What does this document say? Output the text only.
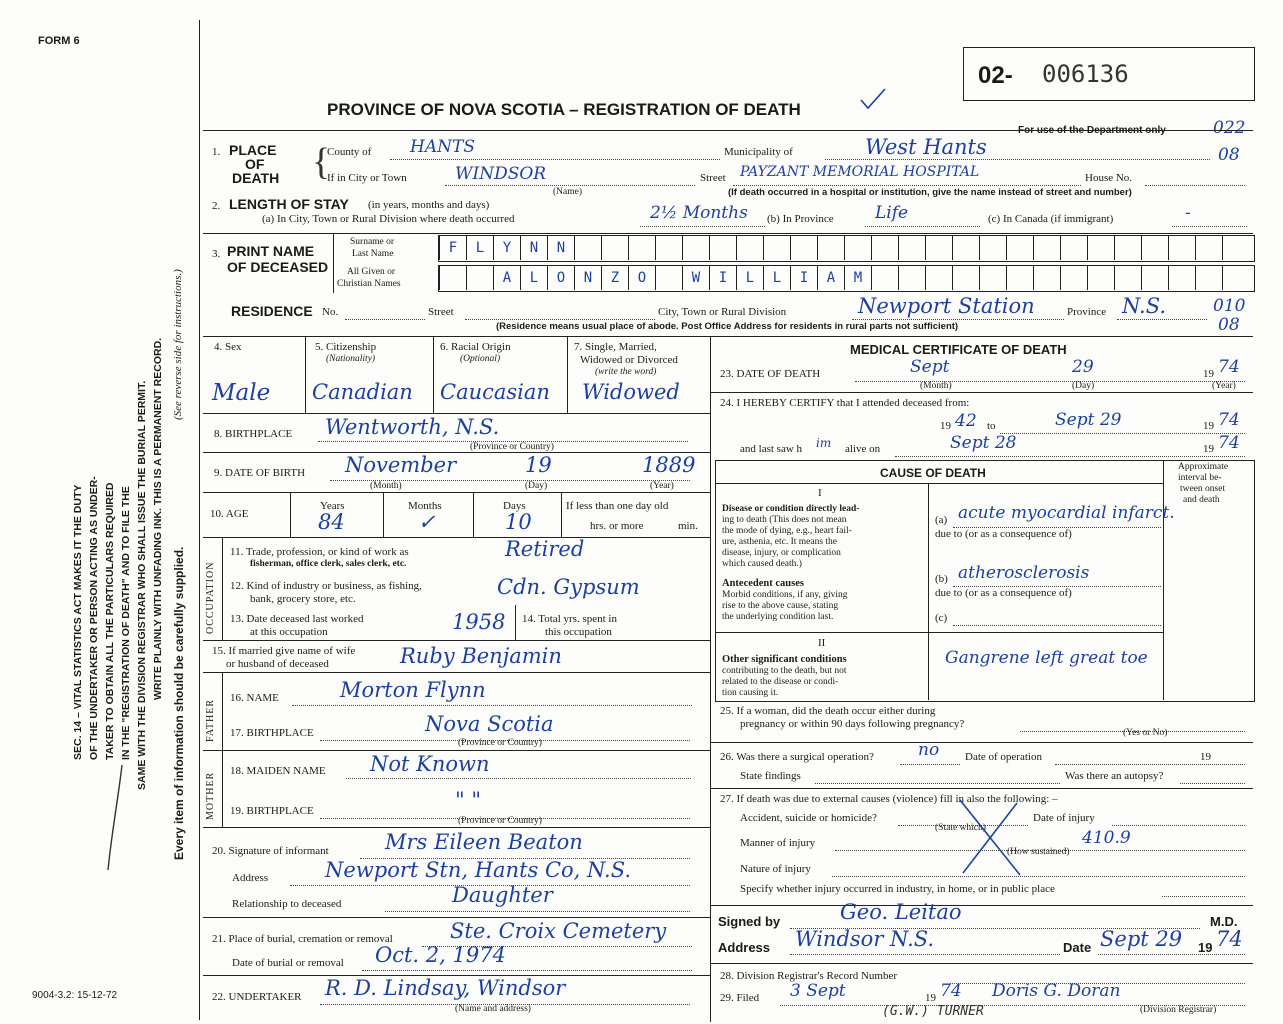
FORM 6
02- 006136
PROVINCE OF NOVA SCOTIA – REGISTRATION OF DEATH
For use of the Department only	022
08
010
08
9004-3.2: 15-12-72
SEC. 14 – VITAL STATISTICS ACT MAKES IT THE DUTY OF THE UNDERTAKER OR PERSON ACTING AS UNDER- TAKER TO OBTAIN ALL THE PARTICULARS REQUIRED IN THE "REGISTRATION OF DEATH" AND TO FILE THE SAME WITH THE DIVISION REGISTRAR WHO SHALL ISSUE THE BURIAL PERMIT. WRITE PLAINLY WITH UNFADING INK. THIS IS A PERMANENT RECORD. (See reverse side for instructions.)
Every item of information should be carefully supplied.
1. PLACE
OF
DEATH {
County of HANTS	Municipality of	West Hants
If in City or Town	WINDSOR	Street PAYZANT MEMORIAL HOSPITAL	House No.
(Name)	(If death occurred in a hospital or institution, give the name instead of street and number)
2. LENGTH OF STAY (in years, months and days)
(a) In City, Town or Rural Division where death occurred	2½ Months (b) In Province Life	(c) In Canada (if immigrant)	-
3. PRINT NAME
OF DECEASED
Surname or
Last Name
All Given or
Christian Names
F	L	Y	N	N
A	L	O	N	Z	O	W	I	L	L	I	A	M
RESIDENCE No.	Street	City, Town or Rural Division	Newport Station	Province N.S.
(Residence means usual place of abode. Post Office Address for residents in rural parts not sufficient)
4. Sex
Male
5. Citizenship
(Nationality)
Canadian
6. Racial Origin
(Optional)
Caucasian
7. Single, Married,
Widowed or Divorced
(write the word)
Widowed
8. BIRTHPLACE Wentworth, N.S.
(Province or Country)
9. DATE OF BIRTH November	19	1889
(Month)	(Day)	(Year)
10. AGE
Years
84
Months
✓
Days
10
If less than one day old
hrs. or more	min.
OCCUPATION
11. Trade, profession, or kind of work as
fisherman, office clerk, sales clerk, etc.
Retired
12. Kind of industry or business, as fishing,
bank, grocery store, etc.	Cdn. Gypsum
13. Date deceased last worked
at this occupation	1958 14. Total yrs. spent in
this occupation
15. If married give name of wife
or husband of deceased	Ruby Benjamin
FATHER
MOTHER
16. NAME	Morton Flynn
17. BIRTHPLACE	Nova Scotia
(Province or Country)
18. MAIDEN NAME Not Known
19. BIRTHPLACE	" "
(Province or Country)
20. Signature of informant	Mrs Eileen Beaton
Address	Newport Stn, Hants Co, N.S.
Relationship to deceased	Daughter
21. Place of burial, cremation or removal	Ste. Croix Cemetery
Date of burial or removal Oct. 2, 1974
22. UNDERTAKER R. D. Lindsay, Windsor
(Name and address)
MEDICAL CERTIFICATE OF DEATH
23. DATE OF DEATH	Sept	29	19 74
(Month)	(Day)	(Year)
24. I HEREBY CERTIFY that I attended deceased from:
19 42 to	Sept 29	19 74
and last saw h im alive on	Sept 28	19 74
CAUSE OF DEATH	Approximate
interval be-
tween onset
and death
I
Disease or condition directly lead-
ing to death (This does not mean
the mode of dying, e.g., heart fail-
ure, asthenia, etc. It means the
disease, injury, or complication
which caused death.)
(a) acute myocardial infarct.
due to (or as a consequence of)
Antecedent causes
Morbid conditions, if any, giving
rise to the above cause, stating
the underlying condition last.
(b) atherosclerosis
due to (or as a consequence of)
(c)
II
Other significant conditions
contributing to the death, but not
related to the disease or condi-
tion causing it.
Gangrene left great toe
25. If a woman, did the death occur either during
pregnancy or within 90 days following pregnancy?
(Yes or No)
26. Was there a surgical operation?	no Date of operation	19
State findings	Was there an autopsy?
27. If death was due to external causes (violence) fill in also the following: –
Accident, suicide or homicide?	Date of injury
(State which)
Manner of injury	410.9
(How sustained)
Nature of injury
Specify whether injury occurred in industry, in home, or in public place
Signed by	Geo. Leitao	M.D.
Address Windsor N.S.	Date Sept 29 19 74
28. Division Registrar's Record Number
29. Filed 3 Sept	19 74 Doris G. Doran
(Division Registrar)
(G.W.) TURNER
